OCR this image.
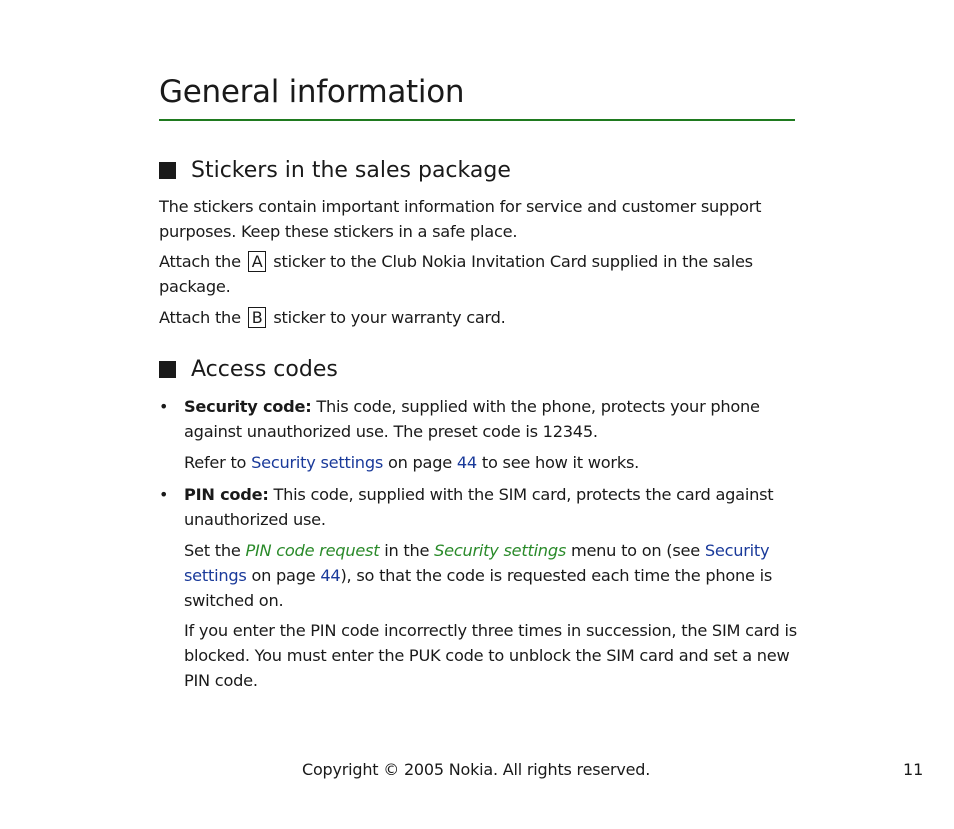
General information
Stickers in the sales package

The stickers contain important information for service and customer support purposes. Keep these stickers in a safe place.

Attach the A sticker to the Club Nokia Invitation Card supplied in the sales package.

Attach the B sticker to your warranty card.

Access codes
• Security code: This code, supplied with the phone, protects your phone against unauthorized use. The preset code is 12345.

Refer to Security settings on page 44 to see how it works.

• PIN code: This code, supplied with the SIM card, protects the card against unauthorized use.

Set the PIN code request in the Security settings menu to on (see Security settings on page 44), so that the code is requested each time the phone is switched on.

If you enter the PIN code incorrectly three times in succession, the SIM card is blocked. You must enter the PUK code to unblock the SIM card and set a new PIN code.

Copyright © 2005 Nokia. All rights reserved.	11
